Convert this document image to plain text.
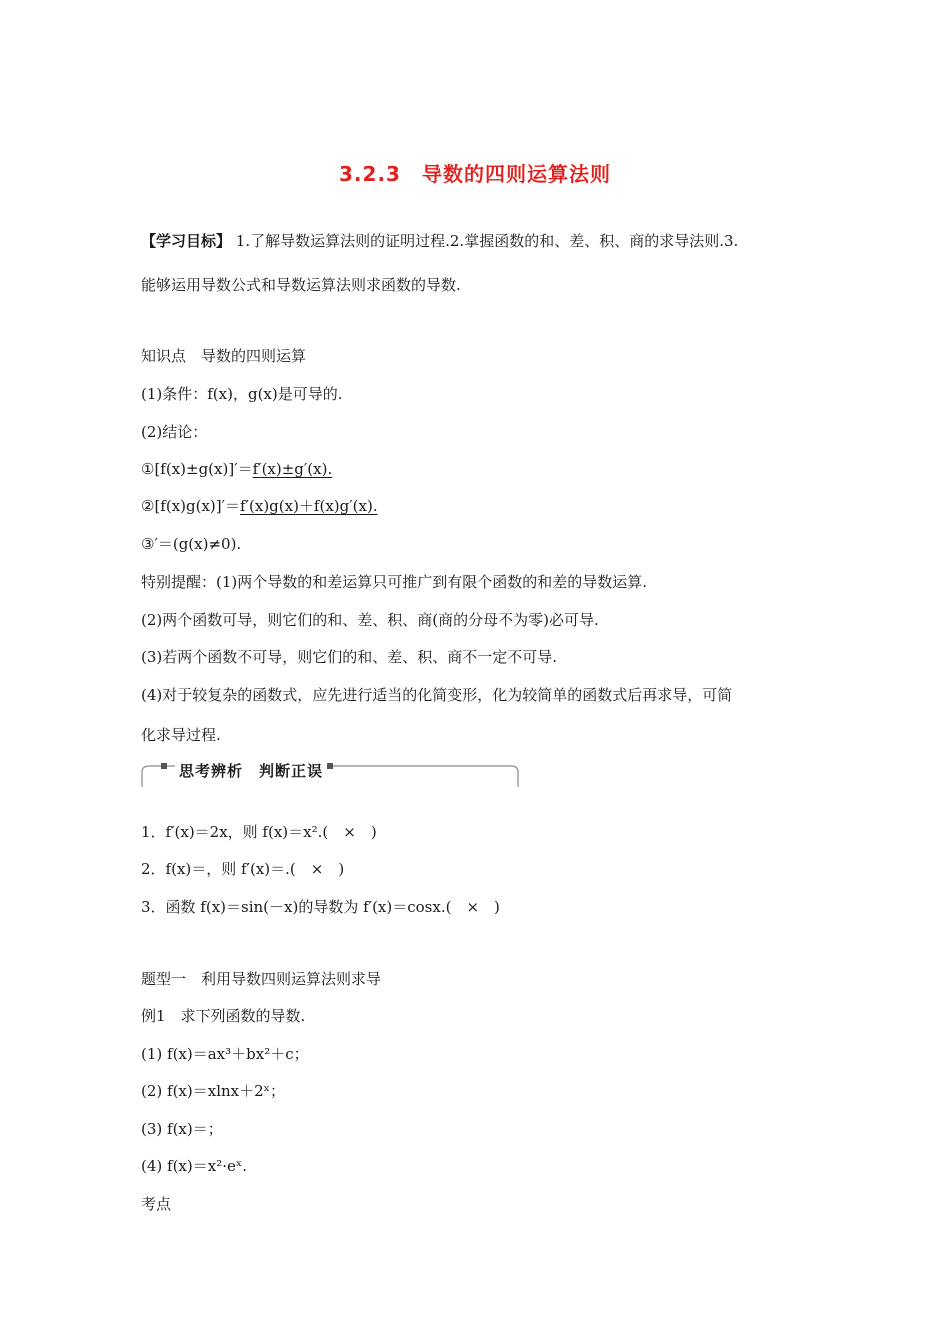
3.2.3　导数的四则运算法则
【学习目标】 1.了解导数运算法则的证明过程.2.掌握函数的和、差、积、商的求导法则.3.
能够运用导数公式和导数运算法则求函数的导数.
知识点　导数的四则运算
(1)条件：f(x)，g(x)是可导的.
(2)结论：
①[f(x)±g(x)]′＝f′(x)±g′(x).
②[f(x)g(x)]′＝f′(x)g(x)＋f(x)g′(x).
③′＝(g(x)≠0).
特别提醒：(1)两个导数的和差运算只可推广到有限个函数的和差的导数运算.
(2)两个函数可导，则它们的和、差、积、商(商的分母不为零)必可导.
(3)若两个函数不可导，则它们的和、差、积、商不一定不可导.
(4)对于较复杂的函数式，应先进行适当的化简变形，化为较简单的函数式后再求导，可简
化求导过程.
思考辨析　判断正误
1．f′(x)＝2x，则 f(x)＝x².(　×　)
2．f(x)＝，则 f′(x)＝.(　×　)
3．函数 f(x)＝sin(－x)的导数为 f′(x)＝cosx.(　×　)
题型一　利用导数四则运算法则求导
例1　求下列函数的导数.
(1) f(x)＝ax³＋bx²＋c；
(2) f(x)＝xlnx＋2ˣ；
(3) f(x)＝；
(4) f(x)＝x²·eˣ.
考点
